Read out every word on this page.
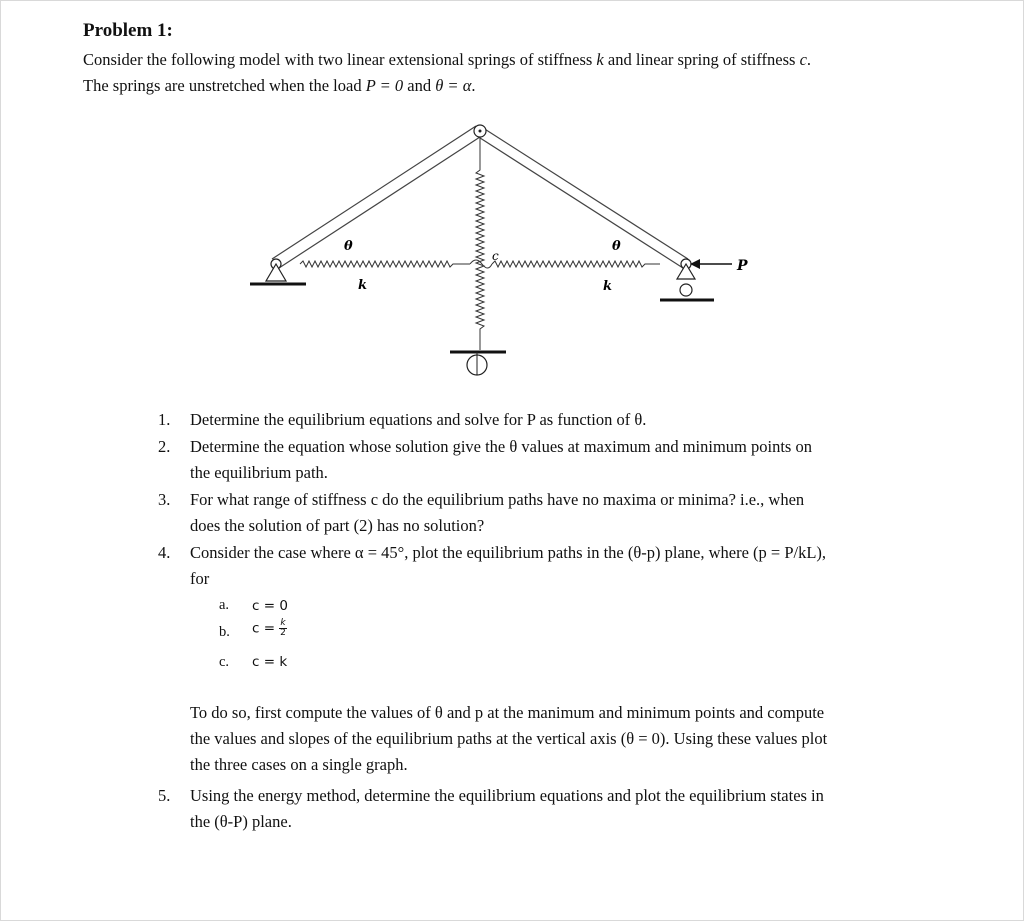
Problem 1:

Consider the following model with two linear extensional springs of stiffness k and linear spring of stiffness c.

The springs are unstretched when the load P = 0 and θ = α.

θ	θ
k	k
c
P
1. Determine the equilibrium equations and solve for P as function of θ.
2. Determine the equation whose solution give the θ values at maximum and minimum points on
the equilibrium path.
3. For what range of stiffness c do the equilibrium paths have no maxima or minima? i.e., when
does the solution of part (2) has no solution?
4. Consider the case where α = 45°, plot the equilibrium paths in the (θ-p) plane, where (p = P/kL),
for
a. c = 0
b. $c = \frac{k}{2}$
c. c = k
To do so, first compute the values of θ and p at the manimum and minimum points and compute
the values and slopes of the equilibrium paths at the vertical axis (θ = 0). Using these values plot
the three cases on a single graph.
5. Using the energy method, determine the equilibrium equations and plot the equilibrium states in
the (θ-P) plane.
